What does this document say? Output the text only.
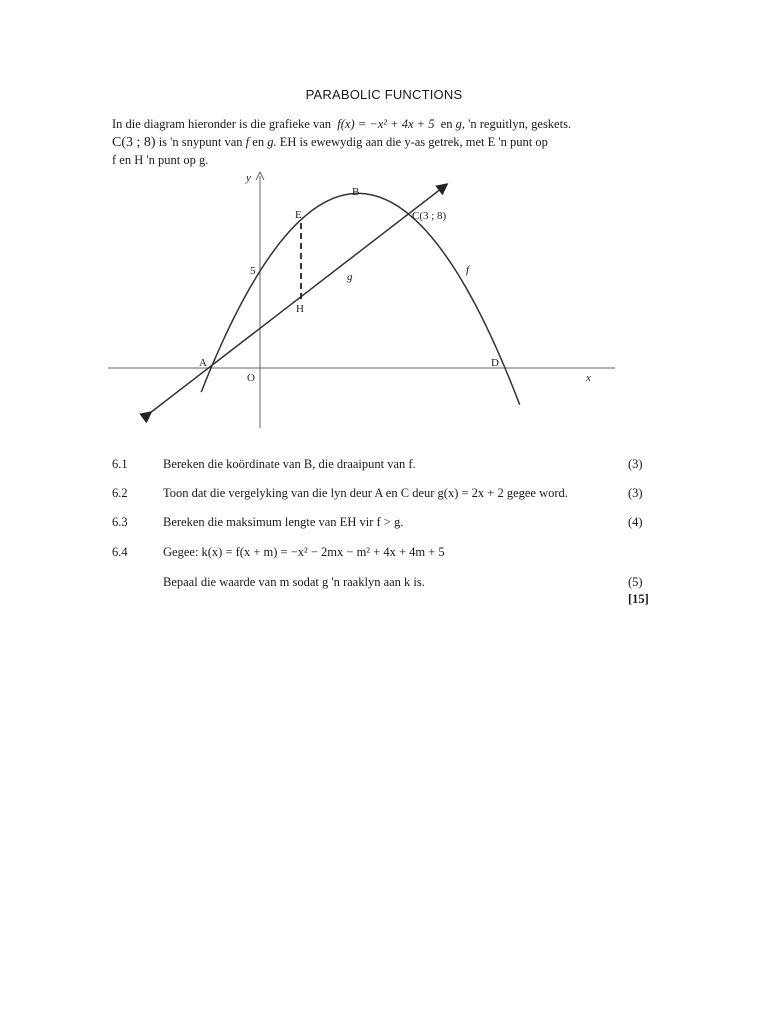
PARABOLIC FUNCTIONS
In die diagram hieronder is die grafieke van f(x) = −x² + 4x + 5 en g, 'n reguitlyn, geskets.
C(3 ; 8) is 'n snypunt van f en g. EH is ewewydig aan die y-as getrek, met E 'n punt op
f en H 'n punt op g.
y
x
B
E	C(3 ; 8)
5	g
f
H
A
O
D
6.1	Bereken die koördinate van B, die draaipunt van f.	(3)
6.2	Toon dat die vergelyking van die lyn deur A en C deur g(x) = 2x + 2 gegee word.	(3)
6.3	Bereken die maksimum lengte van EH vir f > g.	(4)
6.4	Gegee: k(x) = f(x + m) = −x² − 2mx − m² + 4x + 4m + 5
Bepaal die waarde van m sodat g 'n raaklyn aan k is.	(5)
[15]
